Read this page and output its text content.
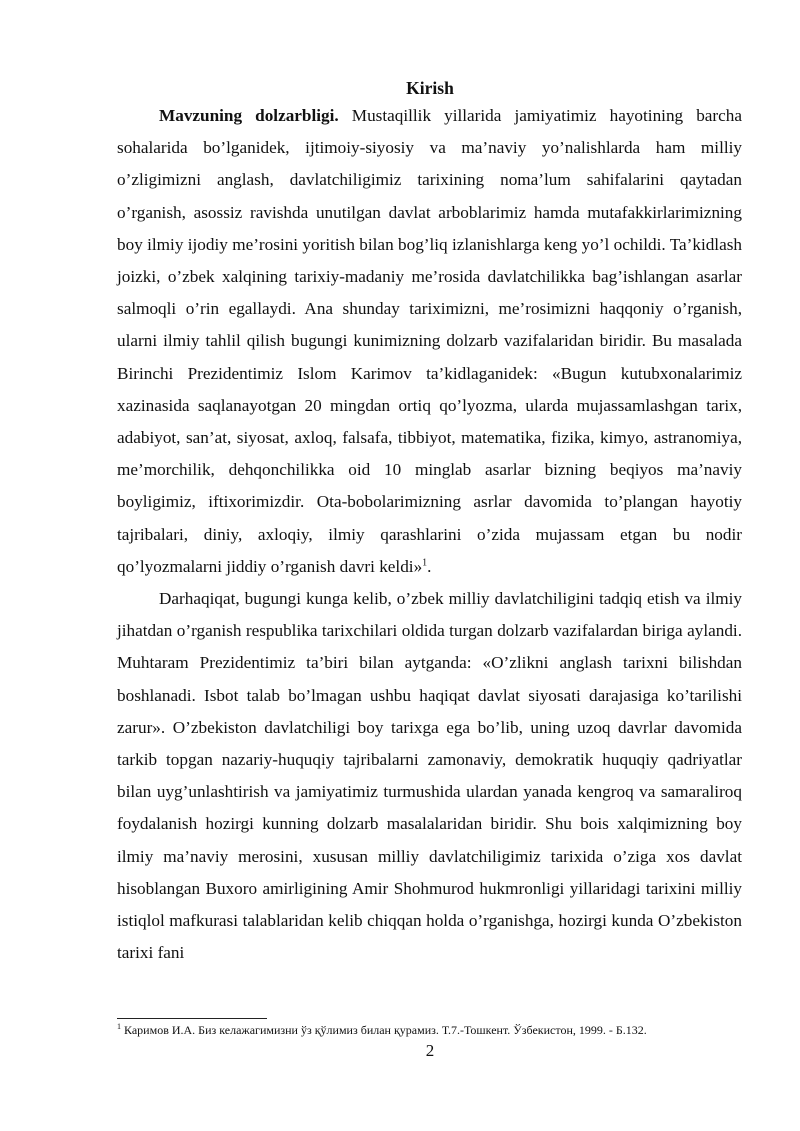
Kirish

Mavzuning dolzarbligi. Mustaqillik yillarida jamiyatimiz hayotining barcha sohalarida bo’lganidek, ijtimoiy-siyosiy va ma’naviy yo’nalishlarda ham milliy o’zligimizni anglash, davlatchiligimiz tarixining noma’lum sahifalarini qaytadan o’rganish, asossiz ravishda unutilgan davlat arboblarimiz hamda mutafakkirlarimizning boy ilmiy ijodiy me’rosini yoritish bilan bog’liq izlanishlarga keng yo’l ochildi. Ta’kidlash joizki, o’zbek xalqining tarixiy-madaniy me’rosida davlatchilikka bag’ishlangan asarlar salmoqli o’rin egallaydi. Ana shunday tariximizni, me’rosimizni haqqoniy o’rganish, ularni ilmiy tahlil qilish bugungi kunimizning dolzarb vazifalaridan biridir. Bu masalada Birinchi Prezidentimiz Islom Karimov ta’kidlaganidek: «Bugun kutubxonalarimiz xazinasida saqlanayotgan 20 mingdan ortiq qo’lyozma, ularda mujassamlashgan tarix, adabiyot, san’at, siyosat, axloq, falsafa, tibbiyot, matematika, fizika, kimyo, astranomiya, me’morchilik, dehqonchilikka oid 10 minglab asarlar bizning beqiyos ma’naviy boyligimiz, iftixorimizdir. Ota-bobolarimizning asrlar davomida to’plangan hayotiy tajribalari, diniy, axloqiy, ilmiy qarashlarini o’zida mujassam etgan bu nodir qo’lyozmalarni jiddiy o’rganish davri keldi»$^1$.

Darhaqiqat, bugungi kunga kelib, o’zbek milliy davlatchiligini tadqiq etish va ilmiy jihatdan o’rganish respublika tarixchilari oldida turgan dolzarb vazifalardan biriga aylandi. Muhtaram Prezidentimiz ta’biri bilan aytganda: «O’zlikni anglash tarixni bilishdan boshlanadi. Isbot talab bo’lmagan ushbu haqiqat davlat siyosati darajasiga ko’tarilishi zarur». O’zbekiston davlatchiligi boy tarixga ega bo’lib, uning uzoq davrlar davomida tarkib topgan nazariy-huquqiy tajribalarni zamonaviy, demokratik huquqiy qadriyatlar bilan uyg’unlashtirish va jamiyatimiz turmushida ulardan yanada kengroq va samaraliroq foydalanish hozirgi kunning dolzarb masalalaridan biridir. Shu bois xalqimizning boy ilmiy ma’naviy merosini, xususan milliy davlatchiligimiz tarixida o’ziga xos davlat hisoblangan Buxoro amirligining Amir Shohmurod hukmronligi yillaridagi tarixini milliy istiqlol mafkurasi talablaridan kelib chiqqan holda o’rganishga, hozirgi kunda O’zbekiston tarixi fani

$^1$ Каримов И.А. Биз келажагимизни ўз қўлимиз билан қурамиз. Т.7.-Тошкент. Ўзбекистон, 1999. - Б.132.

2
